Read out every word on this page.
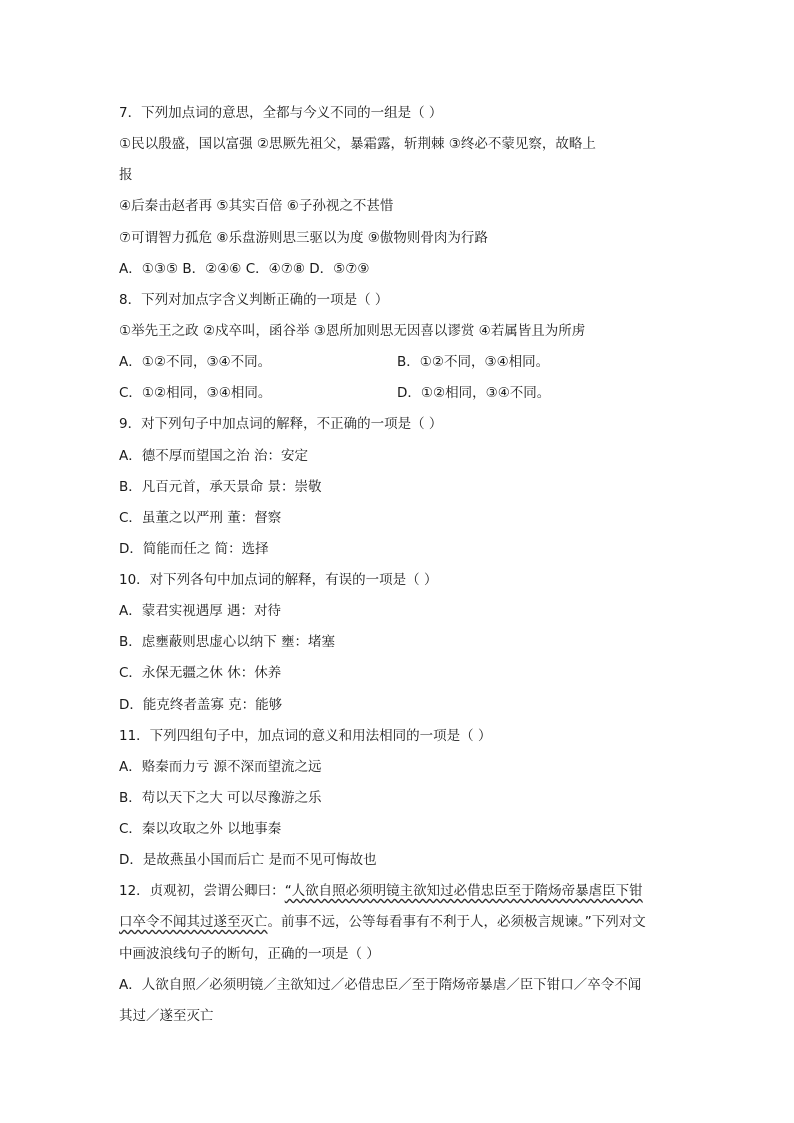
7．下列加点词的意思，全都与今义不同的一组是（ ）
①民以殷盛，国以富强 ②思厥先祖父，暴霜露，斩荆棘 ③终必不蒙见察，故略上
报
④后秦击赵者再 ⑤其实百倍 ⑥子孙视之不甚惜
⑦可谓智力孤危 ⑧乐盘游则思三驱以为度 ⑨傲物则骨肉为行路
A．①③⑤ B．②④⑥ C．④⑦⑧ D．⑤⑦⑨
8．下列对加点字含义判断正确的一项是（ ）
①举先王之政 ②戍卒叫，函谷举 ③恩所加则思无因喜以谬赏 ④若属皆且为所虏
A．①②不同，③④不同。	B．①②不同，③④相同。
C．①②相同，③④相同。	D．①②相同，③④不同。
9．对下列句子中加点词的解释，不正确的一项是（ ）
A．德不厚而望国之治 治：安定
B．凡百元首，承天景命 景：崇敬
C．虽董之以严刑 董：督察
D．简能而任之 简：选择
10．对下列各句中加点词的解释，有误的一项是（ ）
A．蒙君实视遇厚 遇：对待
B．虑壅蔽则思虚心以纳下 壅：堵塞
C．永保无疆之休 休：休养
D．能克终者盖寡 克：能够
11．下列四组句子中，加点词的意义和用法相同的一项是（ ）
A．赂秦而力亏 源不深而望流之远
B．苟以天下之大 可以尽豫游之乐
C．秦以攻取之外 以地事秦
D．是故燕虽小国而后亡 是而不见可悔故也
12．贞观初，尝谓公卿曰：“人欲自照必须明镜主欲知过必借忠臣至于隋炀帝暴虐臣下钳
口卒令不闻其过遂至灭亡。前事不远，公等每看事有不利于人，必须极言规谏。”下列对文
中画波浪线句子的断句，正确的一项是（ ）
A．人欲自照／必须明镜／主欲知过／必借忠臣／至于隋炀帝暴虐／臣下钳口／卒令不闻
其过／遂至灭亡
